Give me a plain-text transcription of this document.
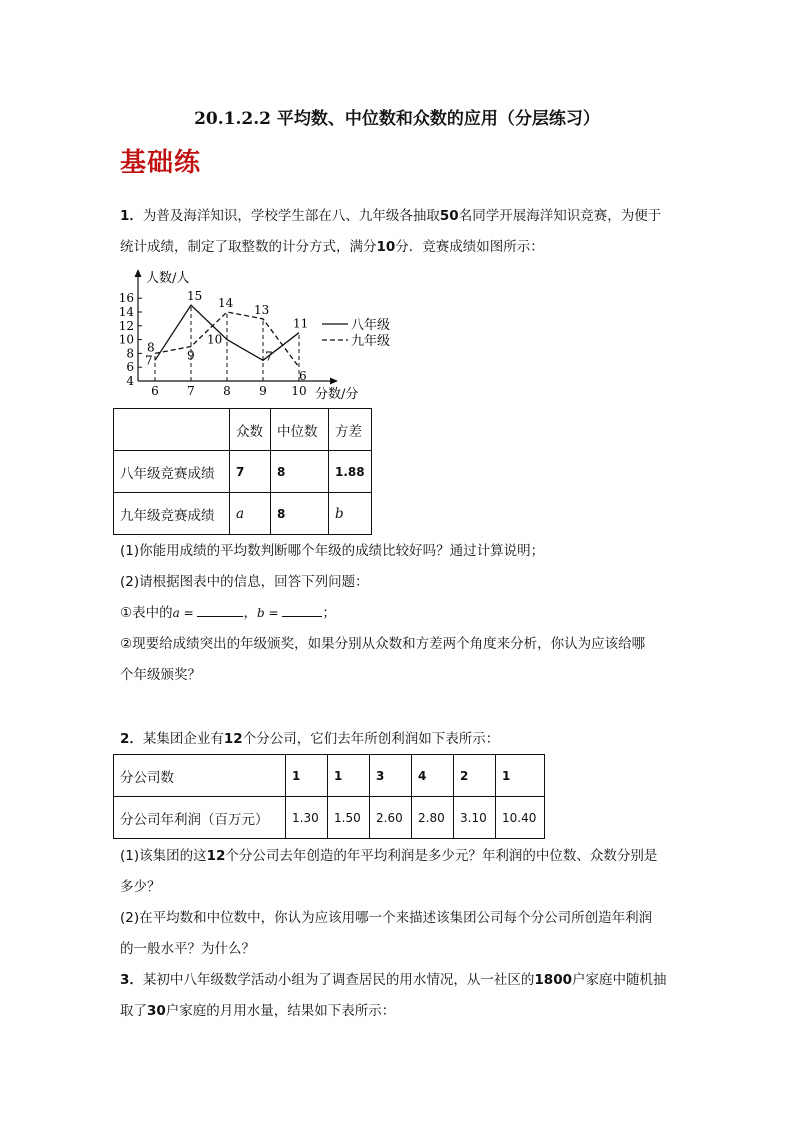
20.1.2.2 平均数、中位数和众数的应用（分层练习）
基础练

1．为普及海洋知识，学校学生部在八、九年级各抽取50名同学开展海洋知识竞赛，为便于
统计成绩，制定了取整数的计分方式，满分10分．竞赛成绩如图所示：

人数/人
分数/分
4
6
8
10
12
14
16
6 7 8 9 10
7
15
10
7
11
8
9
14 13
6
八年级
九年级
	众数	中位数	方差
八年级竞赛成绩	7	8	1.88
九年级竞赛成绩	a	8	b

(1)你能用成绩的平均数判断哪个年级的成绩比较好吗？通过计算说明；

(2)请根据图表中的信息，回答下列问题：

①表中的a =	，b =	；

②现要给成绩突出的年级颁奖，如果分别从众数和方差两个角度来分析，你认为应该给哪
个年级颁奖？

2．某集团企业有12个分公司，它们去年所创利润如下表所示：

分公司数	1	1	3	4	2	1
分公司年利润（百万元）	1.30	1.50	2.60	2.80	3.10	10.40

(1)该集团的这12个分公司去年创造的年平均利润是多少元？年利润的中位数、众数分别是
多少？

(2)在平均数和中位数中，你认为应该用哪一个来描述该集团公司每个分公司所创造年利润
的一般水平？为什么？

3．某初中八年级数学活动小组为了调查居民的用水情况，从一社区的1800户家庭中随机抽
取了30户家庭的月用水量，结果如下表所示：
